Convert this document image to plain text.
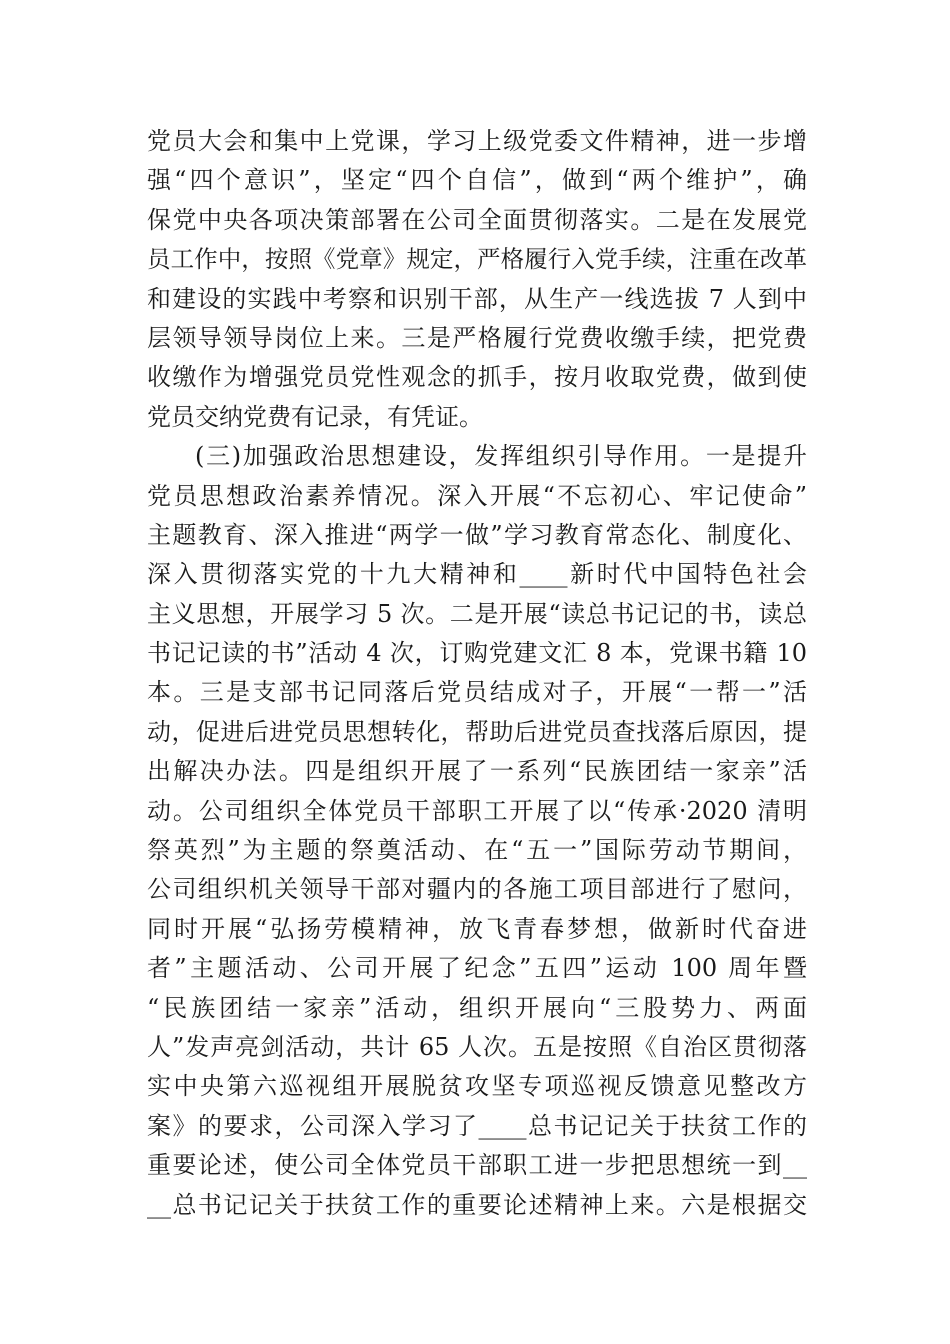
党员大会和集中上党课，学习上级党委文件精神，进一步增
强“四个意识”，坚定“四个自信”，做到“两个维护”，确
保党中央各项决策部署在公司全面贯彻落实。二是在发展党
员工作中，按照《党章》规定，严格履行入党手续，注重在改革
和建设的实践中考察和识别干部，从生产一线选拔 7 人到中
层领导领导岗位上来。三是严格履行党费收缴手续，把党费
收缴作为增强党员党性观念的抓手，按月收取党费，做到使
党员交纳党费有记录，有凭证。
(三)加强政治思想建设，发挥组织引导作用。一是提升
党员思想政治素养情况。深入开展“不忘初心、牢记使命”
主题教育、深入推进“两学一做”学习教育常态化、制度化、
深入贯彻落实党的十九大精神和____新时代中国特色社会
主义思想，开展学习 5 次。二是开展“读总书记记的书，读总
书记记读的书”活动 4 次，订购党建文汇 8 本，党课书籍 10
本。三是支部书记同落后党员结成对子，开展“一帮一”活
动，促进后进党员思想转化，帮助后进党员查找落后原因，提
出解决办法。四是组织开展了一系列“民族团结一家亲”活
动。公司组织全体党员干部职工开展了以“传承·2020 清明
祭英烈”为主题的祭奠活动、在“五一”国际劳动节期间，
公司组织机关领导干部对疆内的各施工项目部进行了慰问，
同时开展“弘扬劳模精神，放飞青春梦想，做新时代奋进
者”主题活动、公司开展了纪念”五四”运动 100 周年暨
“民族团结一家亲”活动，组织开展向“三股势力、两面
人”发声亮剑活动，共计 65 人次。五是按照《自治区贯彻落
实中央第六巡视组开展脱贫攻坚专项巡视反馈意见整改方
案》的要求，公司深入学习了____总书记记关于扶贫工作的
重要论述，使公司全体党员干部职工进一步把思想统一到__
__总书记记关于扶贫工作的重要论述精神上来。六是根据交
